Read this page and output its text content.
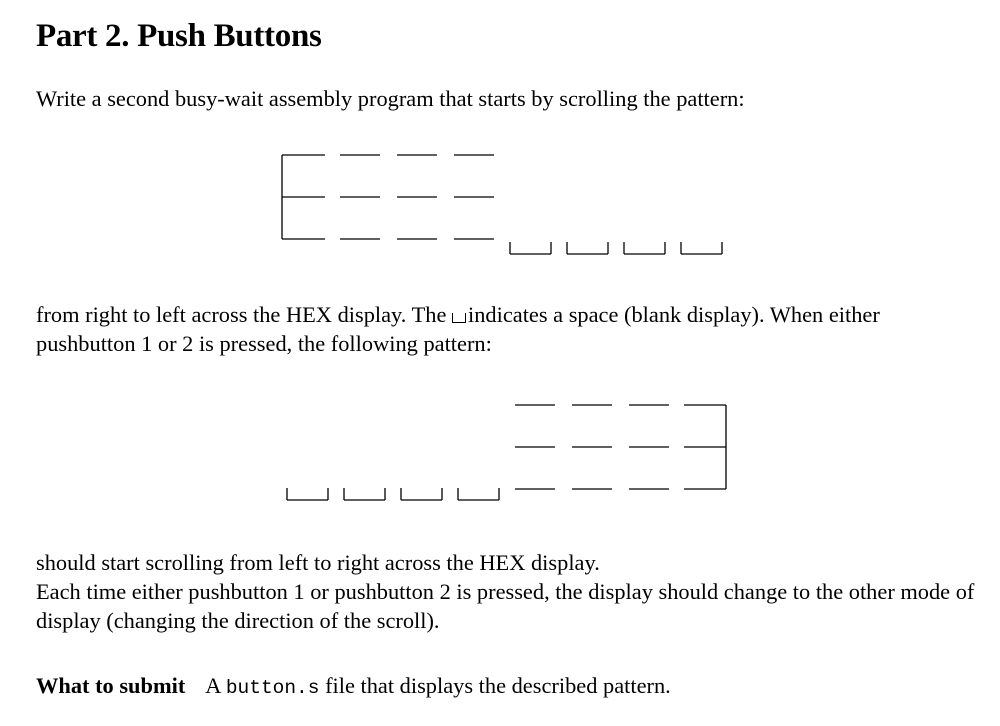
Part 2. Push Buttons

Write a second busy-wait assembly program that starts by scrolling the pattern:

from right to left across the HEX display. The indicates a space (blank display). When either pushbutton 1 or 2 is pressed, the following pattern:

should start scrolling from left to right across the HEX display.
Each time either pushbutton 1 or pushbutton 2 is pressed, the display should change to the other mode of display (changing the direction of the scroll).

What to submit A button.s file that displays the described pattern.
